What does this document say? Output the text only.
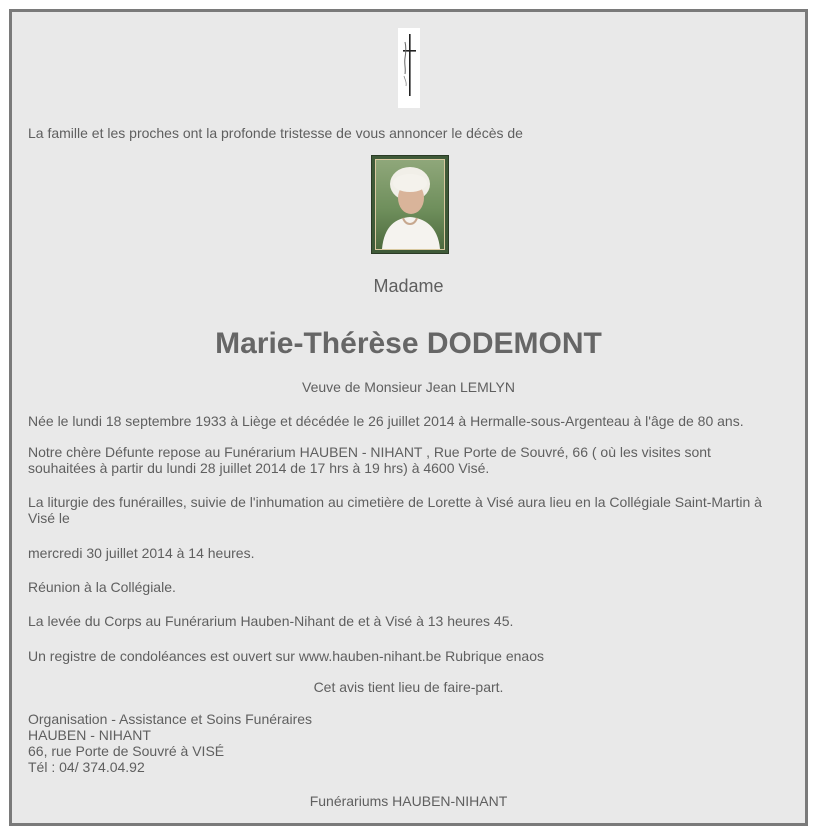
La famille et les proches ont la profonde tristesse de vous annoncer le décès de

Madame

Marie-Thérèse DODEMONT

Veuve de Monsieur Jean LEMLYN

Née le lundi 18 septembre 1933 à Liège et décédée le 26 juillet 2014 à Hermalle-sous-Argenteau à l'âge de 80 ans.

Notre chère Défunte repose au Funérarium HAUBEN - NIHANT , Rue Porte de Souvré, 66 ( où les visites sont

souhaitées à partir du lundi 28 juillet 2014 de 17 hrs à 19 hrs) à 4600 Visé.

La liturgie des funérailles, suivie de l'inhumation au cimetière de Lorette à Visé aura lieu en la Collégiale Saint-Martin à

Visé le

mercredi 30 juillet 2014 à 14 heures.

Réunion à la Collégiale.

La levée du Corps au Funérarium Hauben-Nihant de et à Visé à 13 heures 45.

Un registre de condoléances est ouvert sur www.hauben-nihant.be Rubrique enaos

Cet avis tient lieu de faire-part.

Organisation - Assistance et Soins Funéraires

HAUBEN - NIHANT

66, rue Porte de Souvré à VISÉ

Tél : 04/ 374.04.92

Funérariums HAUBEN-NIHANT
